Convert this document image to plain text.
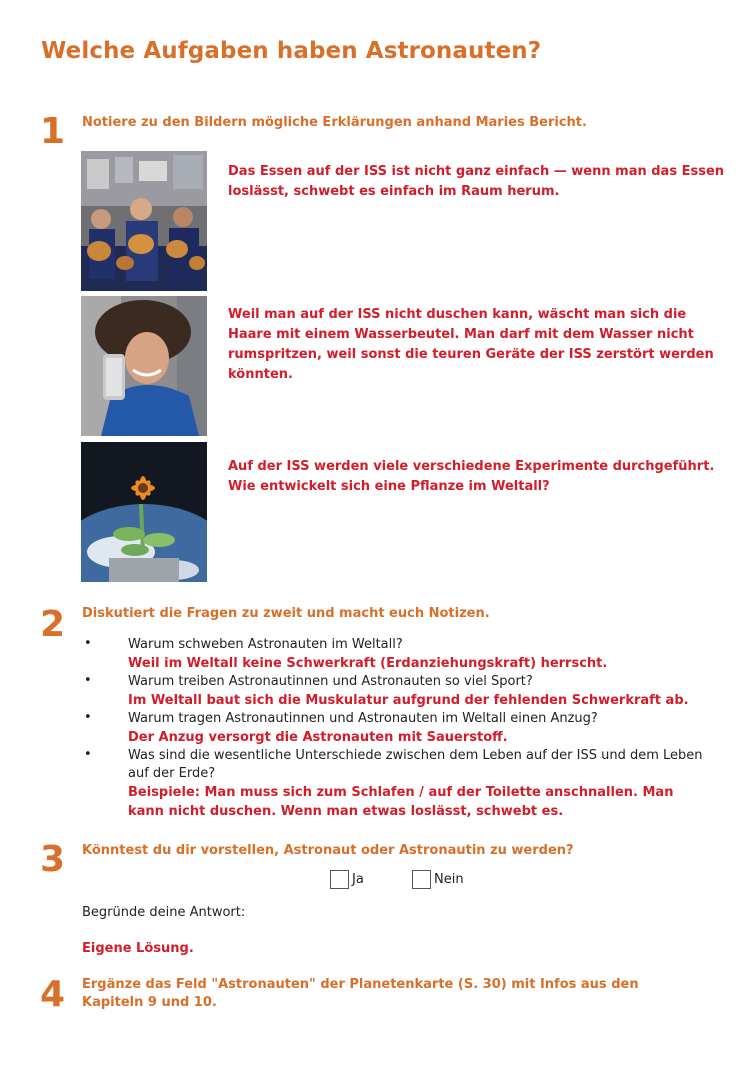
Welche Aufgaben haben Astronauten?
1 Notiere zu den Bildern mögliche Erklärungen anhand Maries Bericht.
Das Essen auf der ISS ist nicht ganz einfach — wenn man das Essen loslässt, schwebt es einfach im Raum herum.
Weil man auf der ISS nicht duschen kann, wäscht man sich die Haare mit einem Wasserbeutel. Man darf mit dem Wasser nicht rumspritzen, weil sonst die teuren Geräte der ISS zerstört werden könnten.
Auf der ISS werden viele verschiedene Experimente durchgeführt. Wie entwickelt sich eine Pflanze im Weltall?
2 Diskutiert die Fragen zu zweit und macht euch Notizen.
•	Warum schweben Astronauten im Weltall?
Weil im Weltall keine Schwerkraft (Erdanziehungskraft) herrscht.
•	Warum treiben Astronautinnen und Astronauten so viel Sport?
Im Weltall baut sich die Muskulatur aufgrund der fehlenden Schwerkraft ab.
•	Warum tragen Astronautinnen und Astronauten im Weltall einen Anzug?
Der Anzug versorgt die Astronauten mit Sauerstoff.
•	Was sind die wesentliche Unterschiede zwischen dem Leben auf der ISS und dem Leben auf der Erde?
Beispiele: Man muss sich zum Schlafen / auf der Toilette anschnallen. Man kann nicht duschen. Wenn man etwas loslässt, schwebt es.
3 Könntest du dir vorstellen, Astronaut oder Astronautin zu werden?
Ja	Nein
Begründe deine Antwort:
Eigene Lösung.
4 Ergänze das Feld "Astronauten" der Planetenkarte (S. 30) mit Infos aus den Kapiteln 9 und 10.
